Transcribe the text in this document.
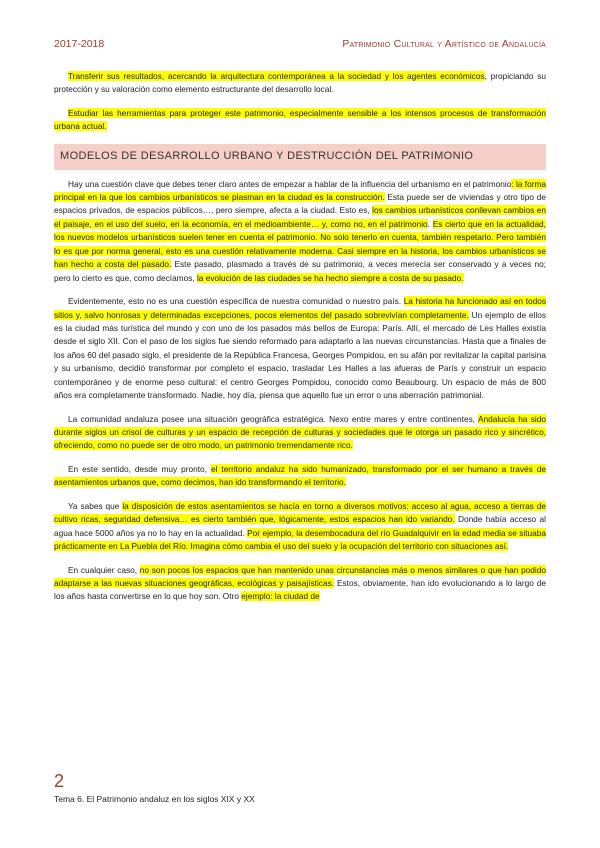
2017-2018	Patrimonio Cultural y Artístico de Andalucía

Transferir sus resultados, acercando la arquitectura contemporánea a la sociedad y los agentes económicos, propiciando su protección y su valoración como elemento estructurante del desarrollo local.

Estudiar las herramientas para proteger este patrimonio, especialmente sensible a los intensos procesos de transformación urbana actual.

MODELOS DE DESARROLLO URBANO Y DESTRUCCIÓN DEL PATRIMONIO

Hay una cuestión clave que debes tener claro antes de empezar a hablar de la influencia del urbanismo en el patrimonio: la forma principal en la que los cambios urbanísticos se plasman en la ciudad es la construcción. Esta puede ser de viviendas y otro tipo de espacios privados, de espacios públicos…, pero siempre, afecta a la ciudad. Esto es, los cambios urbanísticos conllevan cambios en el paisaje, en el uso del suelo, en la economía, en el medioambiente… y, como no, en el patrimonio. Es cierto que en la actualidad, los nuevos modelos urbanísticos suelen tener en cuenta el patrimonio. No solo tenerlo en cuenta, también respetarlo. Pero también lo es que por norma general, esto es una cuestión relativamente moderna. Casi siempre en la historia, los cambios urbanísticos se han hecho a costa del pasado. Este pasado, plasmado a través de su patrimonio, a veces merecía ser conservado y a veces no; pero lo cierto es que, como decíamos, la evolución de las ciudades se ha hecho siempre a costa de su pasado.

Evidentemente, esto no es una cuestión específica de nuestra comunidad o nuestro país. La historia ha funcionado así en todos sitios y, salvo honrosas y determinadas excepciones, pocos elementos del pasado sobrevivían completamente. Un ejemplo de ellos es la ciudad más turística del mundo y con uno de los pasados más bellos de Europa: París. Allí, el mercado de Les Halles existía desde el siglo XII. Con el paso de los siglos fue siendo reformado para adaptarlo a las nuevas circunstancias. Hasta que a finales de los años 60 del pasado siglo, el presidente de la República Francesa, Georges Pompidou, en su afán por revitalizar la capital parisina y su urbanismo, decidió transformar por completo el espacio, trasladar Les Halles a las afueras de París y construir un espacio contemporáneo y de enorme peso cultural: el centro Georges Pompidou, conocido como Beaubourg. Un espacio de más de 800 años era completamente transformado. Nadie, hoy día, piensa que aquello fue un error o una aberración patrimonial.

La comunidad andaluza posee una situación geográfica estratégica. Nexo entre mares y entre continentes, Andalucía ha sido durante siglos un crisol de culturas y un espacio de recepción de culturas y sociedades que le otorga un pasado rico y sincrético, ofreciendo, como no puede ser de otro modo, un patrimonio tremendamente rico.

En este sentido, desde muy pronto, el territorio andaluz ha sido humanizado, transformado por el ser humano a través de asentamientos urbanos que, como decimos, han ido transformando el territorio.

Ya sabes que la disposición de estos asentamientos se hacía en torno a diversos motivos: acceso al agua, acceso a tierras de cultivo ricas, seguridad defensiva… es cierto también que, lógicamente, estos espacios han ido variando. Donde había acceso al agua hace 5000 años ya no lo hay en la actualidad. Por ejemplo, la desembocadura del río Guadalquivir en la edad media se situaba prácticamente en La Puebla del Río. Imagina cómo cambia el uso del suelo y la ocupación del territorio con situaciones así.

En cualquier caso, no son pocos los espacios que han mantenido unas circunstancias más o menos similares o que han podido adaptarse a las nuevas situaciones geográficas, ecológicas y paisajísticas. Estos, obviamente, han ido evolucionando a lo largo de los años hasta convertirse en lo que hoy son. Otro ejemplo: la ciudad de

2
Tema 6. El Patrimonio andaluz en los siglos XIX y XX
